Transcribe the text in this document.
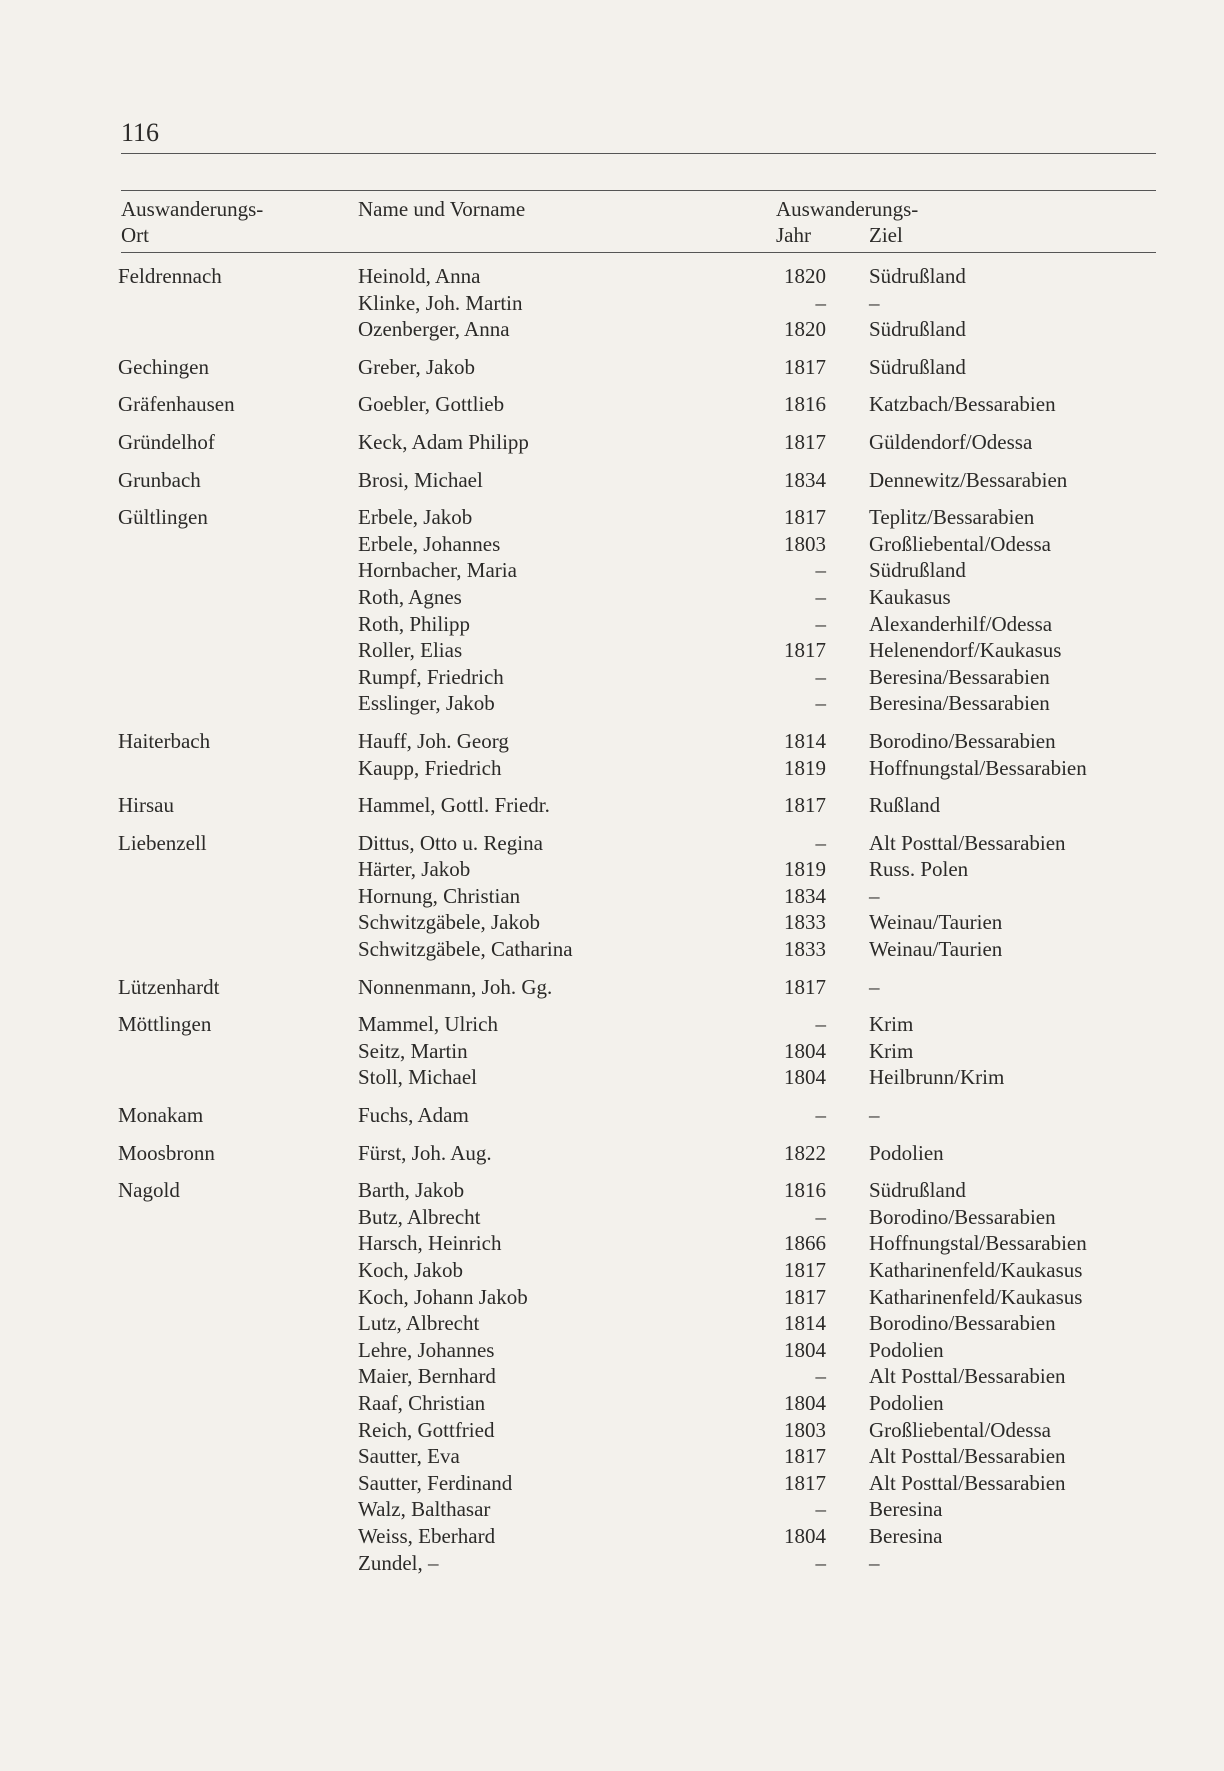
116
Auswanderungs-
Ort
Name und Vorname	Auswanderungs-
Jahr	Ziel
Feldrennach	Heinold, Anna	1820 Südrußland
Klinke, Joh. Martin	– –
Ozenberger, Anna	1820 Südrußland
Gechingen	Greber, Jakob	1817 Südrußland
Gräfenhausen	Goebler, Gottlieb	1816 Katzbach/Bessarabien
Gründelhof	Keck, Adam Philipp	1817 Güldendorf/Odessa
Grunbach	Brosi, Michael	1834 Dennewitz/Bessarabien
Gültlingen	Erbele, Jakob	1817 Teplitz/Bessarabien
Erbele, Johannes	1803 Großliebental/Odessa
Hornbacher, Maria	– Südrußland
Roth, Agnes	– Kaukasus
Roth, Philipp	– Alexanderhilf/Odessa
Roller, Elias	1817 Helenendorf/Kaukasus
Rumpf, Friedrich	– Beresina/Bessarabien
Esslinger, Jakob	– Beresina/Bessarabien
Haiterbach	Hauff, Joh. Georg	1814 Borodino/Bessarabien
Kaupp, Friedrich	1819 Hoffnungstal/Bessarabien
Hirsau	Hammel, Gottl. Friedr.	1817 Rußland
Liebenzell	Dittus, Otto u. Regina	– Alt Posttal/Bessarabien
Härter, Jakob	1819 Russ. Polen
Hornung, Christian	1834 –
Schwitzgäbele, Jakob	1833 Weinau/Taurien
Schwitzgäbele, Catharina	1833 Weinau/Taurien
Lützenhardt	Nonnenmann, Joh. Gg.	1817 –
Möttlingen	Mammel, Ulrich	– Krim
Seitz, Martin	1804 Krim
Stoll, Michael	1804 Heilbrunn/Krim
Monakam	Fuchs, Adam	– –
Moosbronn	Fürst, Joh. Aug.	1822 Podolien
Nagold	Barth, Jakob	1816 Südrußland
Butz, Albrecht	– Borodino/Bessarabien
Harsch, Heinrich	1866 Hoffnungstal/Bessarabien
Koch, Jakob	1817 Katharinenfeld/Kaukasus
Koch, Johann Jakob	1817 Katharinenfeld/Kaukasus
Lutz, Albrecht	1814 Borodino/Bessarabien
Lehre, Johannes	1804 Podolien
Maier, Bernhard	– Alt Posttal/Bessarabien
Raaf, Christian	1804 Podolien
Reich, Gottfried	1803 Großliebental/Odessa
Sautter, Eva	1817 Alt Posttal/Bessarabien
Sautter, Ferdinand	1817 Alt Posttal/Bessarabien
Walz, Balthasar	– Beresina
Weiss, Eberhard	1804 Beresina
Zundel, –	– –
